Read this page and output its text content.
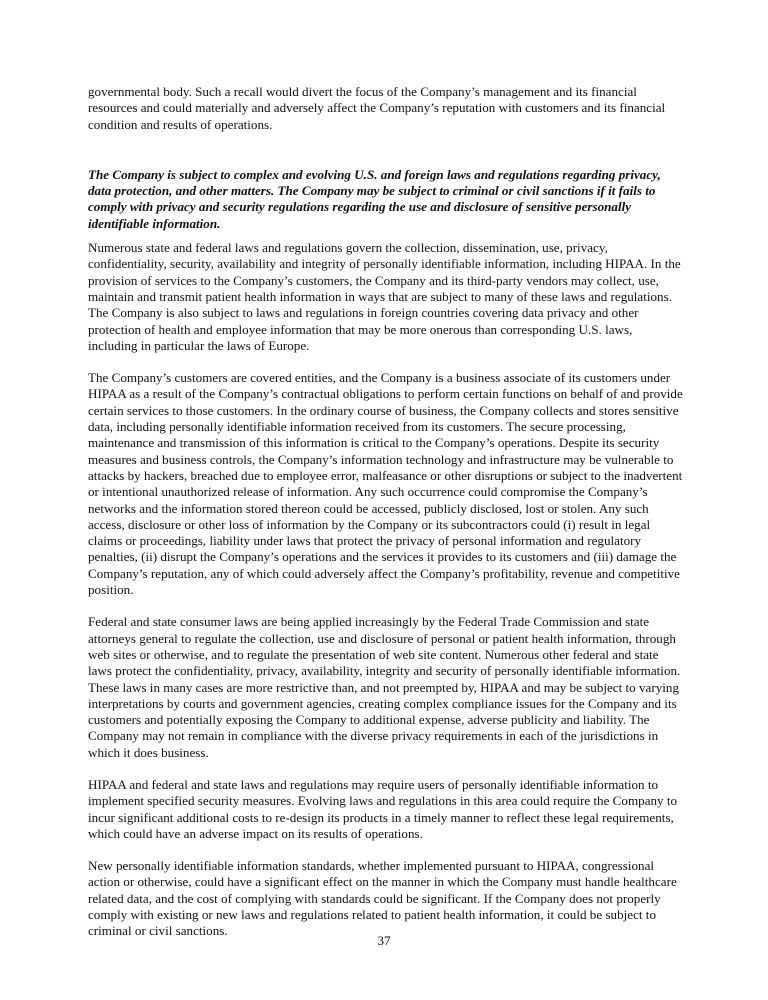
governmental body. Such a recall would divert the focus of the Company’s management and its financial resources and could materially and adversely affect the Company’s reputation with customers and its financial condition and results of operations.

The Company is subject to complex and evolving U.S. and foreign laws and regulations regarding privacy, data protection, and other matters. The Company may be subject to criminal or civil sanctions if it fails to comply with privacy and security regulations regarding the use and disclosure of sensitive personally identifiable information.

Numerous state and federal laws and regulations govern the collection, dissemination, use, privacy, confidentiality, security, availability and integrity of personally identifiable information, including HIPAA. In the provision of services to the Company’s customers, the Company and its third-party vendors may collect, use, maintain and transmit patient health information in ways that are subject to many of these laws and regulations. The Company is also subject to laws and regulations in foreign countries covering data privacy and other protection of health and employee information that may be more onerous than corresponding U.S. laws, including in particular the laws of Europe.

The Company’s customers are covered entities, and the Company is a business associate of its customers under HIPAA as a result of the Company’s contractual obligations to perform certain functions on behalf of and provide certain services to those customers. In the ordinary course of business, the Company collects and stores sensitive data, including personally identifiable information received from its customers. The secure processing, maintenance and transmission of this information is critical to the Company’s operations. Despite its security measures and business controls, the Company’s information technology and infrastructure may be vulnerable to attacks by hackers, breached due to employee error, malfeasance or other disruptions or subject to the inadvertent or intentional unauthorized release of information. Any such occurrence could compromise the Company’s networks and the information stored thereon could be accessed, publicly disclosed, lost or stolen. Any such access, disclosure or other loss of information by the Company or its subcontractors could (i) result in legal claims or proceedings, liability under laws that protect the privacy of personal information and regulatory penalties, (ii) disrupt the Company’s operations and the services it provides to its customers and (iii) damage the Company’s reputation, any of which could adversely affect the Company’s profitability, revenue and competitive position.

Federal and state consumer laws are being applied increasingly by the Federal Trade Commission and state attorneys general to regulate the collection, use and disclosure of personal or patient health information, through web sites or otherwise, and to regulate the presentation of web site content. Numerous other federal and state laws protect the confidentiality, privacy, availability, integrity and security of personally identifiable information. These laws in many cases are more restrictive than, and not preempted by, HIPAA and may be subject to varying interpretations by courts and government agencies, creating complex compliance issues for the Company and its customers and potentially exposing the Company to additional expense, adverse publicity and liability. The Company may not remain in compliance with the diverse privacy requirements in each of the jurisdictions in which it does business.

HIPAA and federal and state laws and regulations may require users of personally identifiable information to implement specified security measures. Evolving laws and regulations in this area could require the Company to incur significant additional costs to re-design its products in a timely manner to reflect these legal requirements, which could have an adverse impact on its results of operations.

New personally identifiable information standards, whether implemented pursuant to HIPAA, congressional action or otherwise, could have a significant effect on the manner in which the Company must handle healthcare related data, and the cost of complying with standards could be significant. If the Company does not properly comply with existing or new laws and regulations related to patient health information, it could be subject to criminal or civil sanctions.

37
